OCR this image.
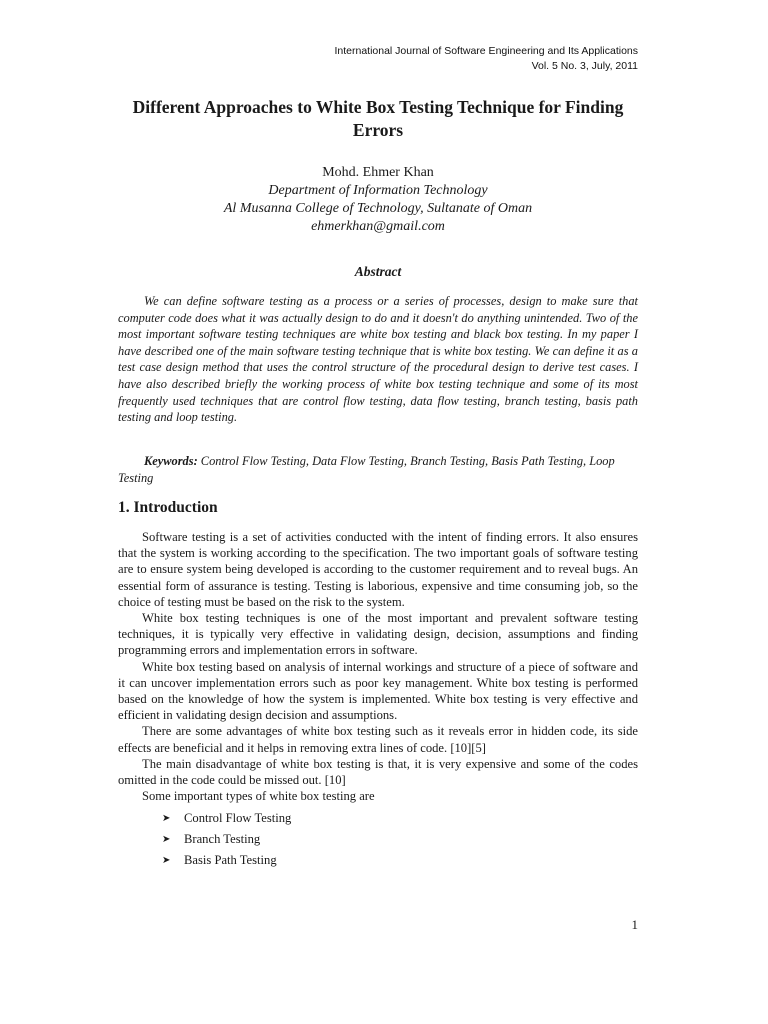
International Journal of Software Engineering and Its Applications
Vol. 5 No. 3, July, 2011
Different Approaches to White Box Testing Technique for Finding Errors
Mohd. Ehmer Khan
Department of Information Technology
Al Musanna College of Technology, Sultanate of Oman
ehmerkhan@gmail.com
Abstract
We can define software testing as a process or a series of processes, design to make sure that computer code does what it was actually design to do and it doesn't do anything unintended. Two of the most important software testing techniques are white box testing and black box testing. In my paper I have described one of the main software testing technique that is white box testing. We can define it as a test case design method that uses the control structure of the procedural design to derive test cases. I have also described briefly the working process of white box testing technique and some of its most frequently used techniques that are control flow testing, data flow testing, branch testing, basis path testing and loop testing.
Keywords: Control Flow Testing, Data Flow Testing, Branch Testing, Basis Path Testing, Loop Testing
1. Introduction

Software testing is a set of activities conducted with the intent of finding errors. It also ensures that the system is working according to the specification. The two important goals of software testing are to ensure system being developed is according to the customer requirement and to reveal bugs. An essential form of assurance is testing. Testing is laborious, expensive and time consuming job, so the choice of testing must be based on the risk to the system.

White box testing techniques is one of the most important and prevalent software testing techniques, it is typically very effective in validating design, decision, assumptions and finding programming errors and implementation errors in software.

White box testing based on analysis of internal workings and structure of a piece of software and it can uncover implementation errors such as poor key management. White box testing is performed based on the knowledge of how the system is implemented. White box testing is very effective and efficient in validating design decision and assumptions.

There are some advantages of white box testing such as it reveals error in hidden code, its side effects are beneficial and it helps in removing extra lines of code. [10][5]

The main disadvantage of white box testing is that, it is very expensive and some of the codes omitted in the code could be missed out. [10]

Some important types of white box testing are

➤ Control Flow Testing
➤ Branch Testing
➤ Basis Path Testing
1
